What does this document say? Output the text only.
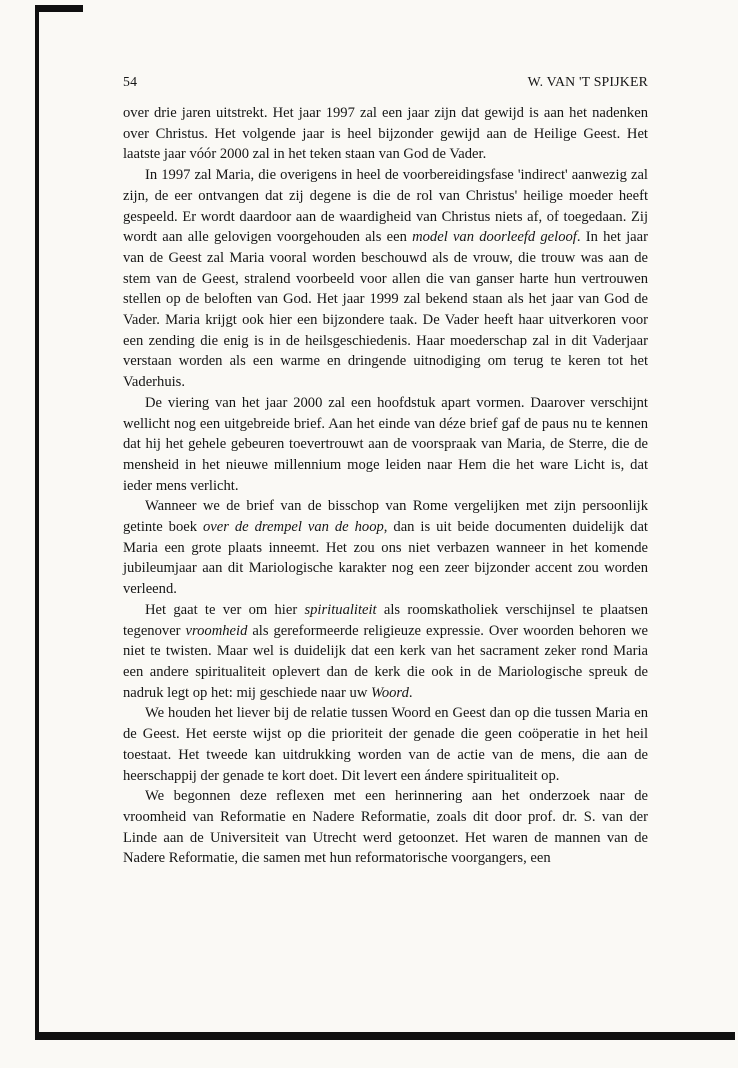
54	W. VAN 'T SPIJKER

over drie jaren uitstrekt. Het jaar 1997 zal een jaar zijn dat gewijd is aan het nadenken over Christus. Het volgende jaar is heel bijzonder gewijd aan de Heilige Geest. Het laatste jaar vóór 2000 zal in het teken staan van God de Vader.

In 1997 zal Maria, die overigens in heel de voorbereidingsfase 'indirect' aanwezig zal zijn, de eer ontvangen dat zij degene is die de rol van Christus' heilige moeder heeft gespeeld. Er wordt daardoor aan de waardigheid van Christus niets af, of toegedaan. Zij wordt aan alle gelovigen voorgehouden als een model van doorleefd geloof. In het jaar van de Geest zal Maria vooral worden beschouwd als de vrouw, die trouw was aan de stem van de Geest, stralend voorbeeld voor allen die van ganser harte hun vertrouwen stellen op de beloften van God. Het jaar 1999 zal bekend staan als het jaar van God de Vader. Maria krijgt ook hier een bijzondere taak. De Vader heeft haar uitverkoren voor een zending die enig is in de heilsgeschiedenis. Haar moederschap zal in dit Vaderjaar verstaan worden als een warme en dringende uitnodiging om terug te keren tot het Vaderhuis.

De viering van het jaar 2000 zal een hoofdstuk apart vormen. Daarover verschijnt wellicht nog een uitgebreide brief. Aan het einde van déze brief gaf de paus nu te kennen dat hij het gehele gebeuren toevertrouwt aan de voorspraak van Maria, de Sterre, die de mensheid in het nieuwe millennium moge leiden naar Hem die het ware Licht is, dat ieder mens verlicht.

Wanneer we de brief van de bisschop van Rome vergelijken met zijn persoonlijk getinte boek over de drempel van de hoop, dan is uit beide documenten duidelijk dat Maria een grote plaats inneemt. Het zou ons niet verbazen wanneer in het komende jubileumjaar aan dit Mariologische karakter nog een zeer bijzonder accent zou worden verleend.

Het gaat te ver om hier spiritualiteit als roomskatholiek verschijnsel te plaatsen tegenover vroomheid als gereformeerde religieuze expressie. Over woorden behoren we niet te twisten. Maar wel is duidelijk dat een kerk van het sacrament zeker rond Maria een andere spiritualiteit oplevert dan de kerk die ook in de Mariologische spreuk de nadruk legt op het: mij geschiede naar uw Woord.

We houden het liever bij de relatie tussen Woord en Geest dan op die tussen Maria en de Geest. Het eerste wijst op die prioriteit der genade die geen coöperatie in het heil toestaat. Het tweede kan uitdrukking worden van de actie van de mens, die aan de heerschappij der genade te kort doet. Dit levert een ándere spiritualiteit op.

We begonnen deze reflexen met een herinnering aan het onderzoek naar de vroomheid van Reformatie en Nadere Reformatie, zoals dit door prof. dr. S. van der Linde aan de Universiteit van Utrecht werd getoonzet. Het waren de mannen van de Nadere Reformatie, die samen met hun reformatorische voorgangers, een
